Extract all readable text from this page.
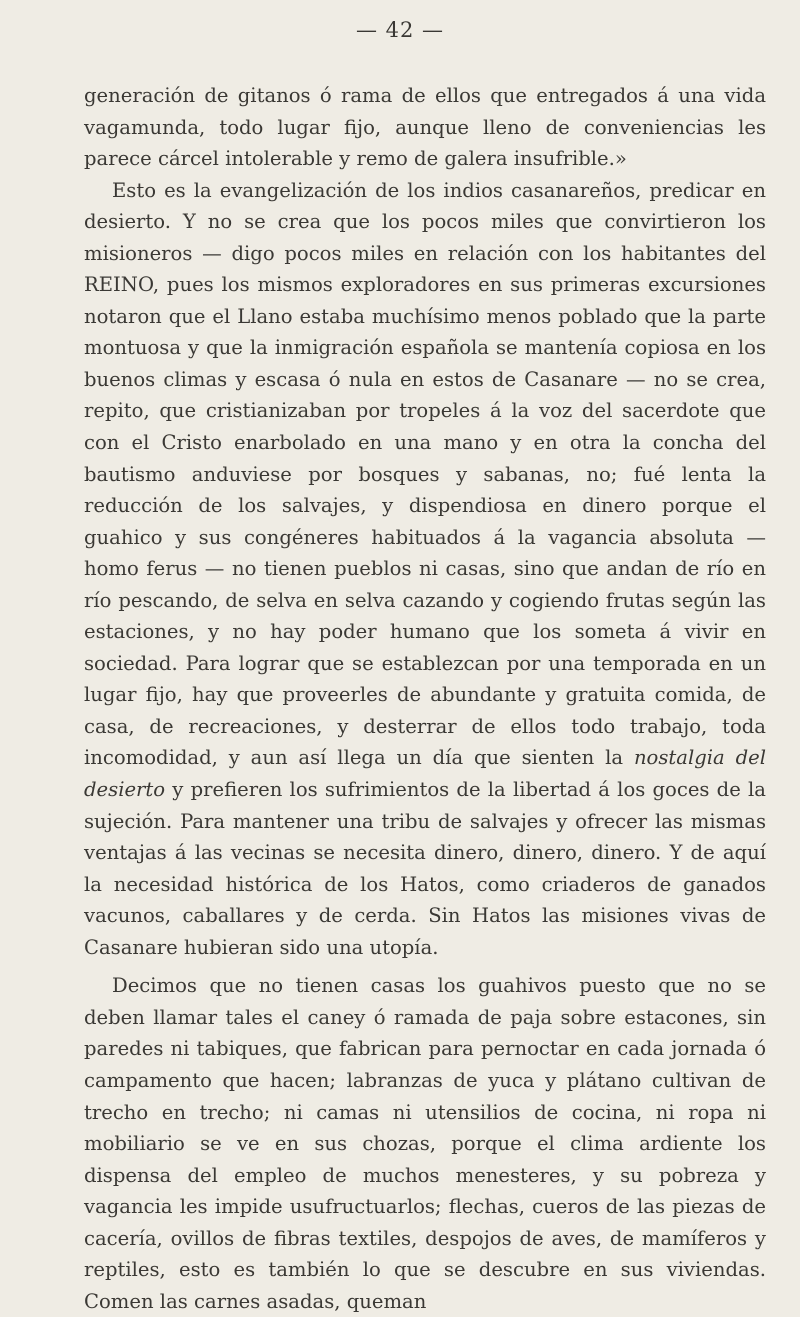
— 42 —

generación de gitanos ó rama de ellos que entregados á una vida vagamunda, todo lugar fijo, aunque lleno de conveniencias les parece cárcel intolerable y remo de galera insufrible.»

Esto es la evangelización de los indios casanareños, predicar en desierto. Y no se crea que los pocos miles que convirtieron los misioneros — digo pocos miles en relación con los habitantes del REINO, pues los mismos exploradores en sus primeras excursiones notaron que el Llano estaba muchísimo menos poblado que la parte montuosa y que la inmigración española se mantenía copiosa en los buenos climas y escasa ó nula en estos de Casanare — no se crea, repito, que cristianizaban por tropeles á la voz del sacerdote que con el Cristo enarbolado en una mano y en otra la concha del bautismo anduviese por bosques y sabanas, no; fué lenta la reducción de los salvajes, y dispendiosa en dinero porque el guahico y sus congéneres habituados á la vagancia absoluta — homo ferus — no tienen pueblos ni casas, sino que andan de río en río pescando, de selva en selva cazando y cogiendo frutas según las estaciones, y no hay poder humano que los someta á vivir en sociedad. Para lograr que se establezcan por una temporada en un lugar fijo, hay que proveerles de abundante y gratuita comida, de casa, de recreaciones, y desterrar de ellos todo trabajo, toda incomodidad, y aun así llega un día que sienten la nostalgia del desierto y prefieren los sufrimientos de la libertad á los goces de la sujeción. Para mantener una tribu de salvajes y ofrecer las mismas ventajas á las vecinas se necesita dinero, dinero, dinero. Y de aquí la necesidad histórica de los Hatos, como criaderos de ganados vacunos, caballares y de cerda. Sin Hatos las misiones vivas de Casanare hubieran sido una utopía.

Decimos que no tienen casas los guahivos puesto que no se deben llamar tales el caney ó ramada de paja sobre estacones, sin paredes ni tabiques, que fabrican para pernoctar en cada jornada ó campamento que hacen; labranzas de yuca y plátano cultivan de trecho en trecho; ni camas ni utensilios de cocina, ni ropa ni mobiliario se ve en sus chozas, porque el clima ardiente los dispensa del empleo de muchos menesteres, y su pobreza y vagancia les impide usufructuarlos; flechas, cueros de las piezas de cacería, ovillos de fibras textiles, despojos de aves, de mamíferos y reptiles, esto es también lo que se descubre en sus viviendas. Comen las carnes asadas, queman
